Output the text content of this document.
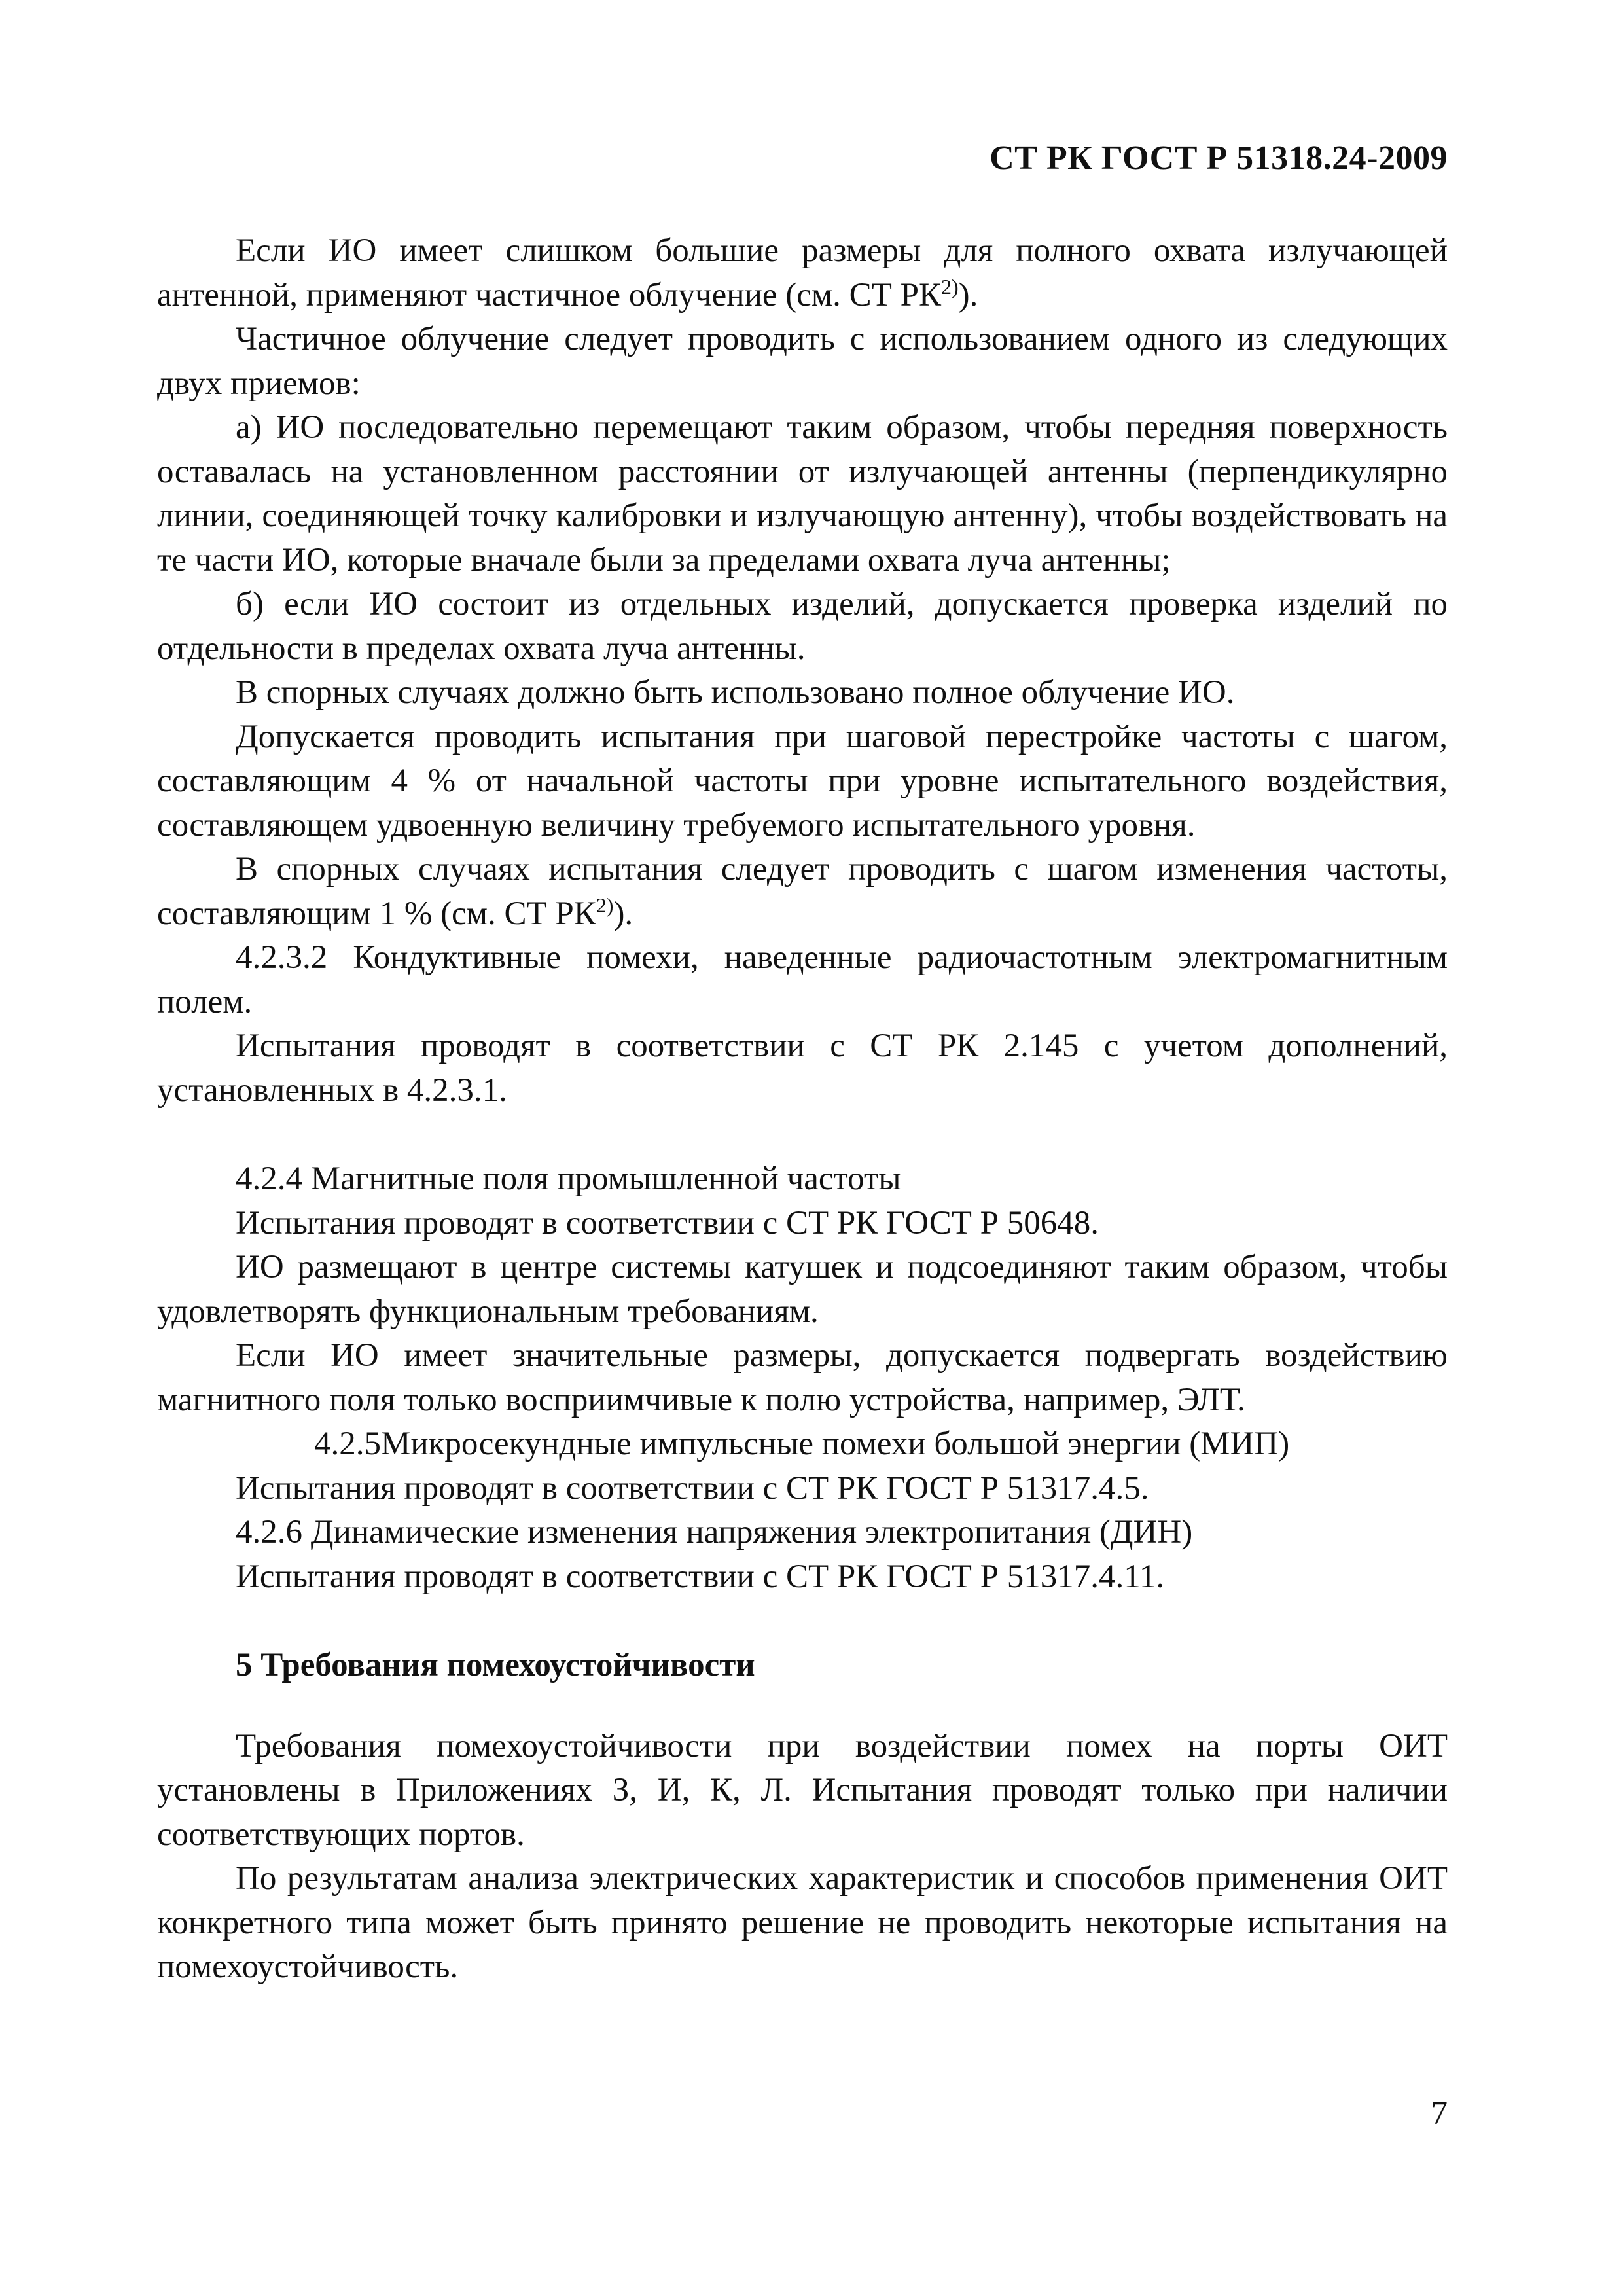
СТ РК ГОСТ Р 51318.24-2009

Если ИО имеет слишком большие размеры для полного охвата излучающей антенной, применяют частичное облучение (см. СТ РК$^{2)}$).

Частичное облучение следует проводить с использованием одного из следующих двух приемов:

а) ИО последовательно перемещают таким образом, чтобы передняя поверхность оставалась на установленном расстоянии от излучающей антенны (перпендикулярно линии, соединяющей точку калибровки и излучающую антенну), чтобы воздействовать на те части ИО, которые вначале были за пределами охвата луча антенны;

б) если ИО состоит из отдельных изделий, допускается проверка изделий по отдельности в пределах охвата луча антенны.

В спорных случаях должно быть использовано полное облучение ИО.

Допускается проводить испытания при шаговой перестройке частоты с шагом, составляющим 4 % от начальной частоты при уровне испытательного воздействия, составляющем удвоенную величину требуемого испытательного уровня.

В спорных случаях испытания следует проводить с шагом изменения частоты, составляющим 1 % (см. СТ РК$^{2)}$).

4.2.3.2 Кондуктивные помехи, наведенные радиочастотным электромагнитным полем.

Испытания проводят в соответствии с СТ РК 2.145 с учетом дополнений, установленных в 4.2.3.1.

4.2.4 Магнитные поля промышленной частоты

Испытания проводят в соответствии с СТ РК ГОСТ Р 50648.

ИО размещают в центре системы катушек и подсоединяют таким образом, чтобы удовлетворять функциональным требованиям.

Если ИО имеет значительные размеры, допускается подвергать воздействию магнитного поля только восприимчивые к полю устройства, например, ЭЛТ.

4.2.5Микросекундные импульсные помехи большой энергии (МИП)

Испытания проводят в соответствии с СТ РК ГОСТ Р 51317.4.5.

4.2.6 Динамические изменения напряжения электропитания (ДИН)

Испытания проводят в соответствии с СТ РК ГОСТ Р 51317.4.11.

5 Требования помехоустойчивости

Требования помехоустойчивости при воздействии помех на порты ОИТ установлены в Приложениях З, И, К, Л. Испытания проводят только при наличии соответствующих портов.

По результатам анализа электрических характеристик и способов применения ОИТ конкретного типа может быть принято решение не проводить некоторые испытания на помехоустойчивость.

7
